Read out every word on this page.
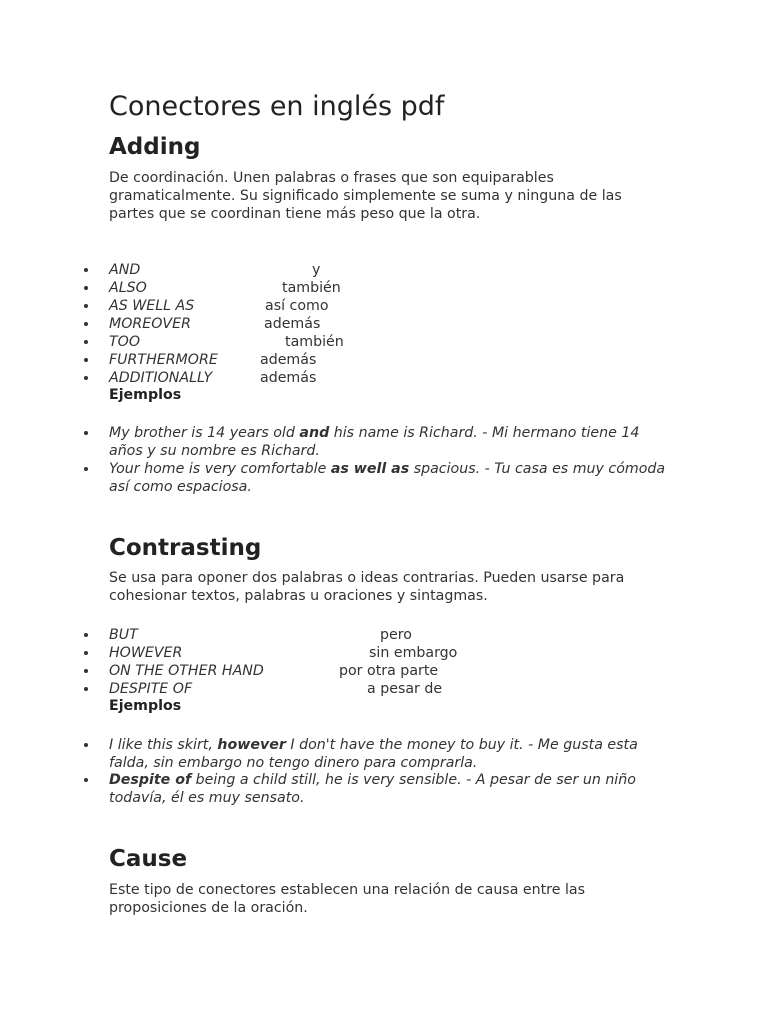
Conectores en inglés pdf
Adding

De coordinación. Unen palabras o frases que son equiparables gramaticalmente. Su significado simplemente se suma y ninguna de las partes que se coordinan tiene más peso que la otra.

AND	y
ALSO	también
AS WELL AS	así como
MOREOVER	además
TOO	también
FURTHERMORE	además
ADDITIONALLY	además
Ejemplos
My brother is 14 years old and his name is Richard. - Mi hermano tiene 14 años y su nombre es Richard.
Your home is very comfortable as well as spacious. - Tu casa es muy cómoda así como espaciosa.
Contrasting

Se usa para oponer dos palabras o ideas contrarias. Pueden usarse para cohesionar textos, palabras u oraciones y sintagmas.

BUT	pero
HOWEVER	sin embargo
ON THE OTHER HAND	por otra parte
DESPITE OF	a pesar de
Ejemplos
I like this skirt, however I don't have the money to buy it. - Me gusta esta falda, sin embargo no tengo dinero para comprarla.
Despite of being a child still, he is very sensible. - A pesar de ser un niño todavía, él es muy sensato.
Cause

Este tipo de conectores establecen una relación de causa entre las proposiciones de la oración.
